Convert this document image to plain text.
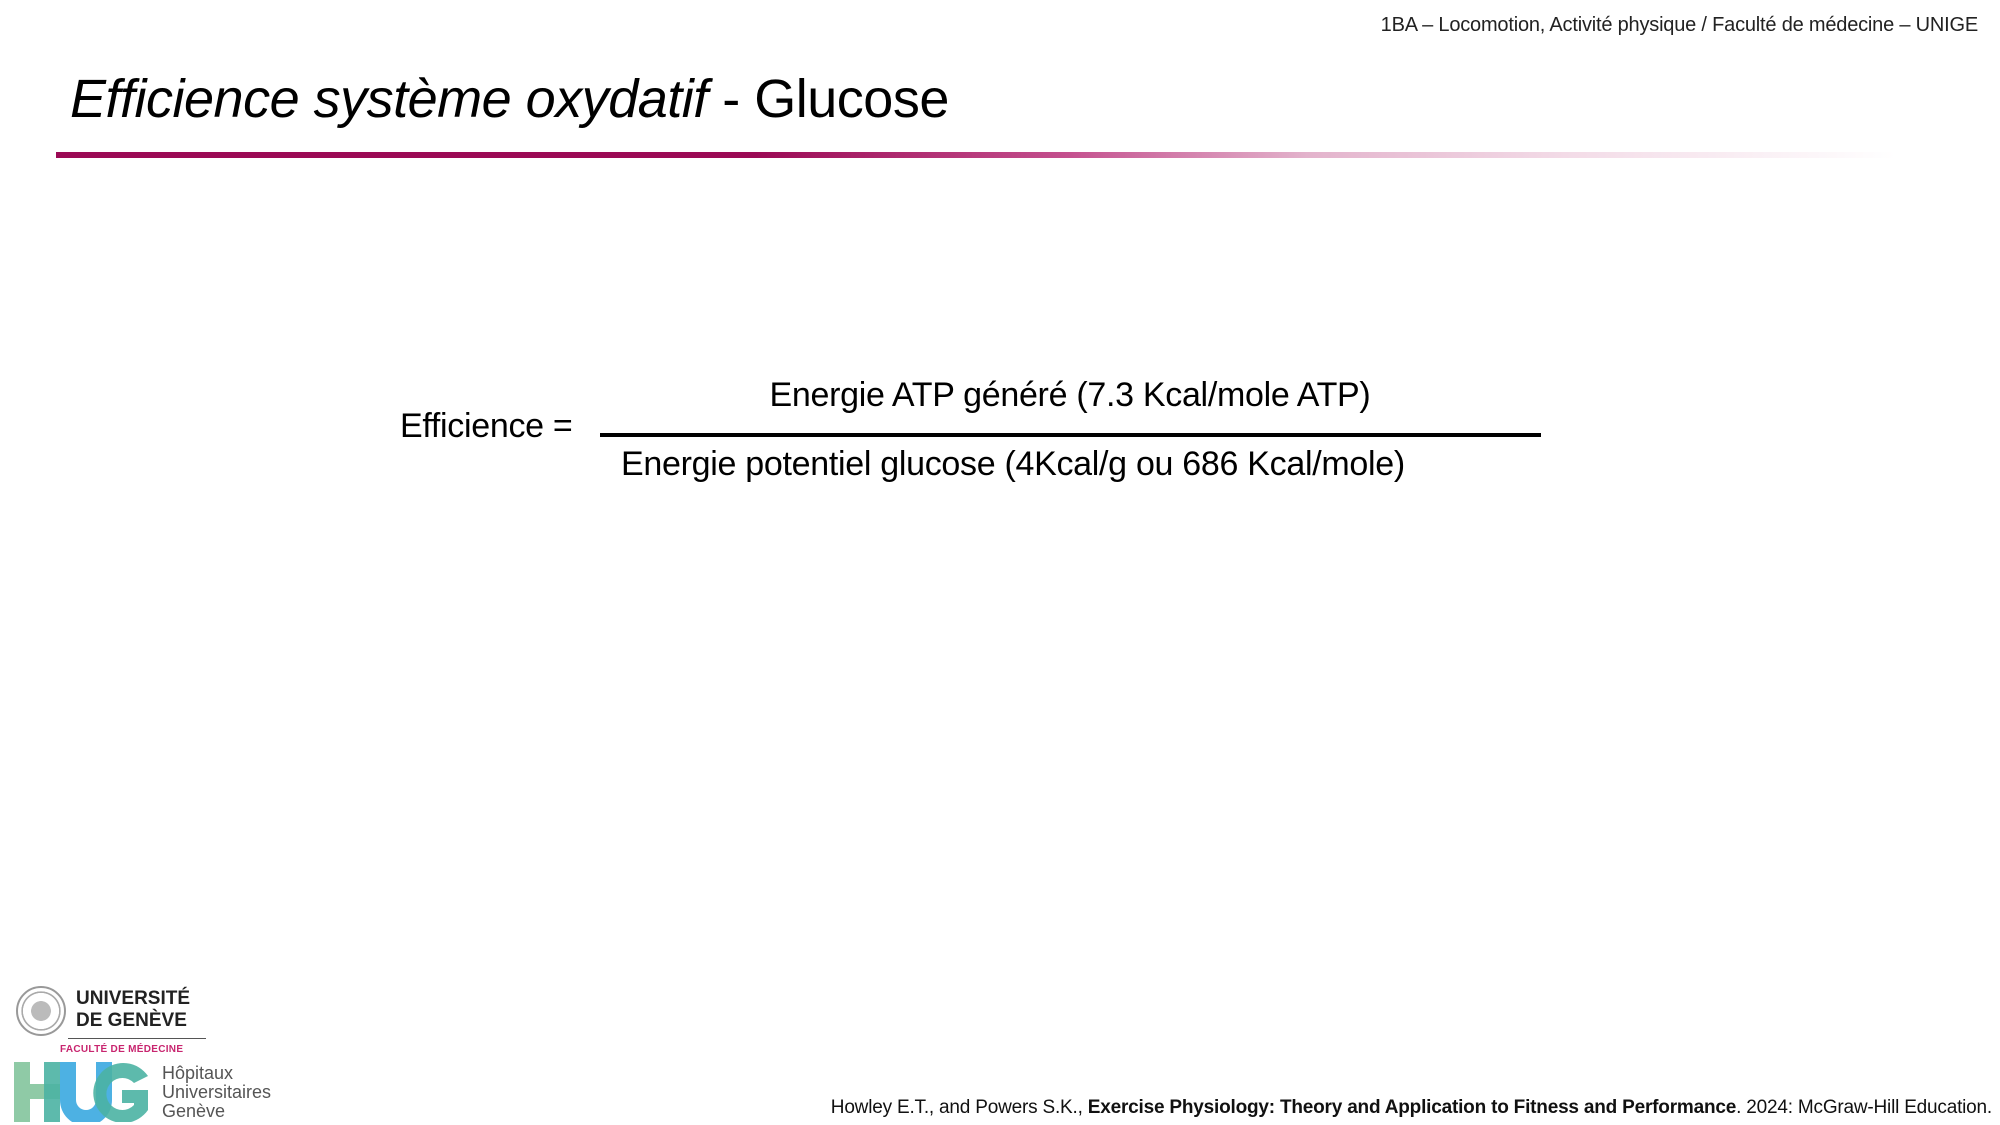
1BA – Locomotion, Activité physique / Faculté de médecine – UNIGE
Efficience système oxydatif - Glucose
Efficience =
Energie ATP généré (7.3 Kcal/mole ATP)
Energie potentiel glucose (4Kcal/g ou 686 Kcal/mole)
UNIVERSITÉ
DE GENÈVE
FACULTÉ DE MÉDECINE
Hôpitaux
Universitaires
Genève	Howley E.T., and Powers S.K., Exercise Physiology: Theory and Application to Fitness and Performance. 2024: McGraw-Hill Education.
